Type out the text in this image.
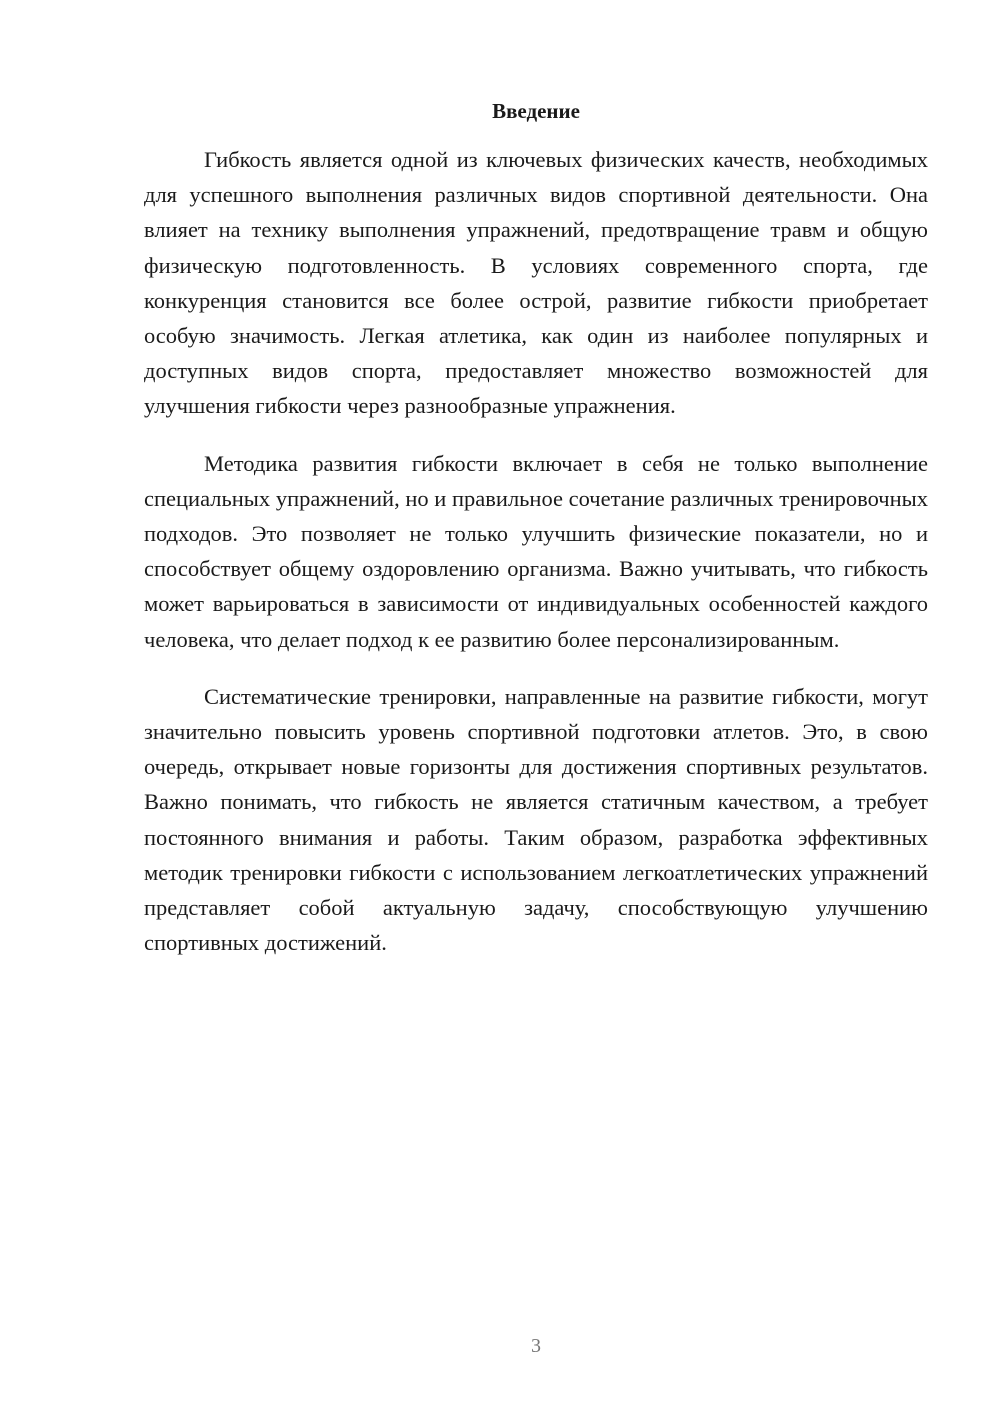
Введение

Гибкость является одной из ключевых физических качеств, необходимых для успешного выполнения различных видов спортивной деятельности. Она влияет на технику выполнения упражнений, предотвращение травм и общую физическую подготовленность. В условиях современного спорта, где конкуренция становится все более острой, развитие гибкости приобретает особую значимость. Легкая атлетика, как один из наиболее популярных и доступных видов спорта, предоставляет множество возможностей для улучшения гибкости через разнообразные упражнения.

Методика развития гибкости включает в себя не только выполнение специальных упражнений, но и правильное сочетание различных тренировочных подходов. Это позволяет не только улучшить физические показатели, но и способствует общему оздоровлению организма. Важно учитывать, что гибкость может варьироваться в зависимости от индивидуальных особенностей каждого человека, что делает подход к ее развитию более персонализированным.

Систематические тренировки, направленные на развитие гибкости, могут значительно повысить уровень спортивной подготовки атлетов. Это, в свою очередь, открывает новые горизонты для достижения спортивных результатов. Важно понимать, что гибкость не является статичным качеством, а требует постоянного внимания и работы. Таким образом, разработка эффективных методик тренировки гибкости с использованием легкоатлетических упражнений представляет собой актуальную задачу, способствующую улучшению спортивных достижений.

3
